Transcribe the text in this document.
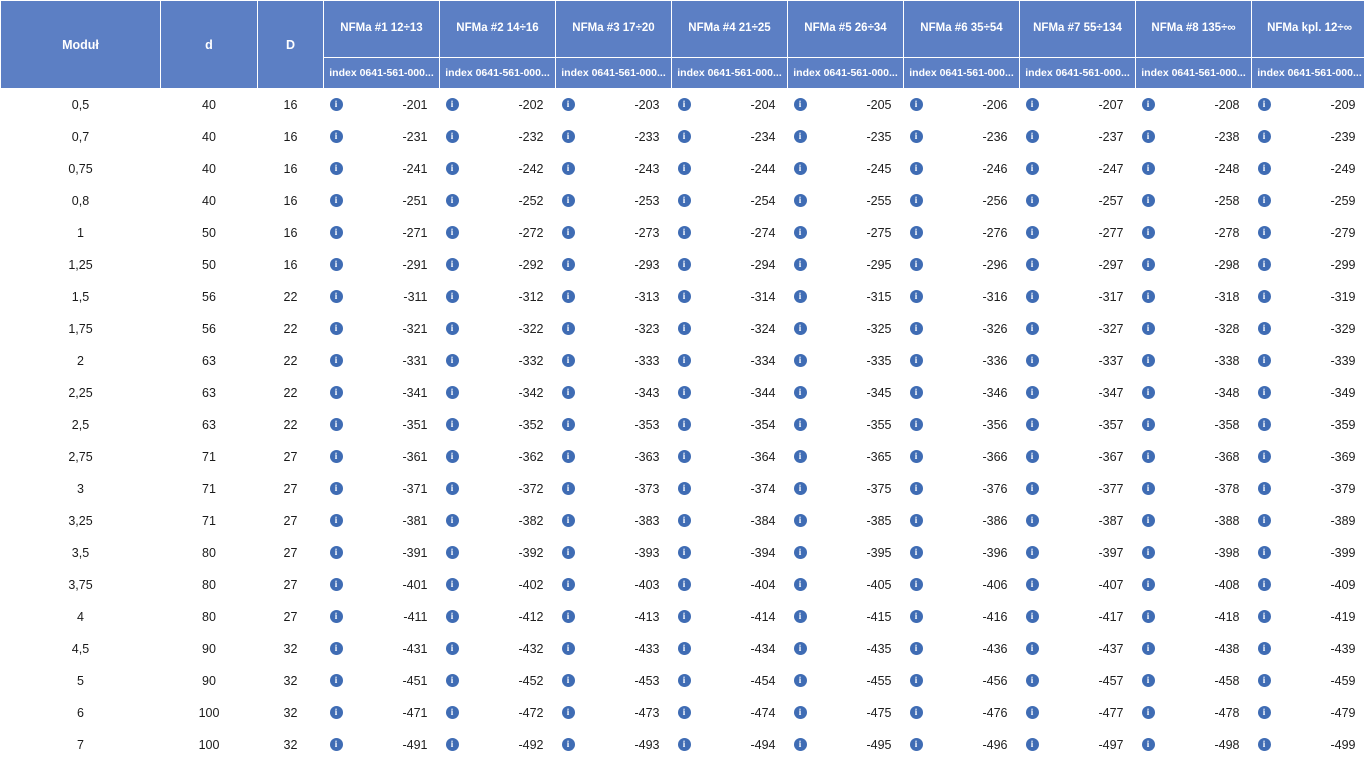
Moduł	d	D	NFMa #1 12÷13	NFMa #2 14÷16	NFMa #3 17÷20	NFMa #4 21÷25	NFMa #5 26÷34	NFMa #6 35÷54	NFMa #7 55÷134	NFMa #8 135÷∞	NFMa kpl. 12÷∞
			index 0641-561-000...	index 0641-561-000...	index 0641-561-000...	index 0641-561-000...	index 0641-561-000...	index 0641-561-000...	index 0641-561-000...	index 0641-561-000...	index 0641-561-000...
0,5	40	16	i -201	i -202	i -203	i -204	i -205	i -206	i -207	i -208	i -209

0,7	40	16	i -231	i -232	i -233	i -234	i -235	i -236	i -237	i -238	i -239

0,75	40	16	i -241	i -242	i -243	i -244	i -245	i -246	i -247	i -248	i -249

0,8	40	16	i -251	i -252	i -253	i -254	i -255	i -256	i -257	i -258	i -259

1	50	16	i -271	i -272	i -273	i -274	i -275	i -276	i -277	i -278	i -279

1,25	50	16	i -291	i -292	i -293	i -294	i -295	i -296	i -297	i -298	i -299

1,5	56	22	i -311	i -312	i -313	i -314	i -315	i -316	i -317	i -318	i -319

1,75	56	22	i -321	i -322	i -323	i -324	i -325	i -326	i -327	i -328	i -329

2	63	22	i -331	i -332	i -333	i -334	i -335	i -336	i -337	i -338	i -339

2,25	63	22	i -341	i -342	i -343	i -344	i -345	i -346	i -347	i -348	i -349

2,5	63	22	i -351	i -352	i -353	i -354	i -355	i -356	i -357	i -358	i -359

2,75	71	27	i -361	i -362	i -363	i -364	i -365	i -366	i -367	i -368	i -369

3	71	27	i -371	i -372	i -373	i -374	i -375	i -376	i -377	i -378	i -379

3,25	71	27	i -381	i -382	i -383	i -384	i -385	i -386	i -387	i -388	i -389

3,5	80	27	i -391	i -392	i -393	i -394	i -395	i -396	i -397	i -398	i -399

3,75	80	27	i -401	i -402	i -403	i -404	i -405	i -406	i -407	i -408	i -409

4	80	27	i -411	i -412	i -413	i -414	i -415	i -416	i -417	i -418	i -419

4,5	90	32	i -431	i -432	i -433	i -434	i -435	i -436	i -437	i -438	i -439

5	90	32	i -451	i -452	i -453	i -454	i -455	i -456	i -457	i -458	i -459

6	100	32	i -471	i -472	i -473	i -474	i -475	i -476	i -477	i -478	i -479

7	100	32	i -491	i -492	i -493	i -494	i -495	i -496	i -497	i -498	i -499
